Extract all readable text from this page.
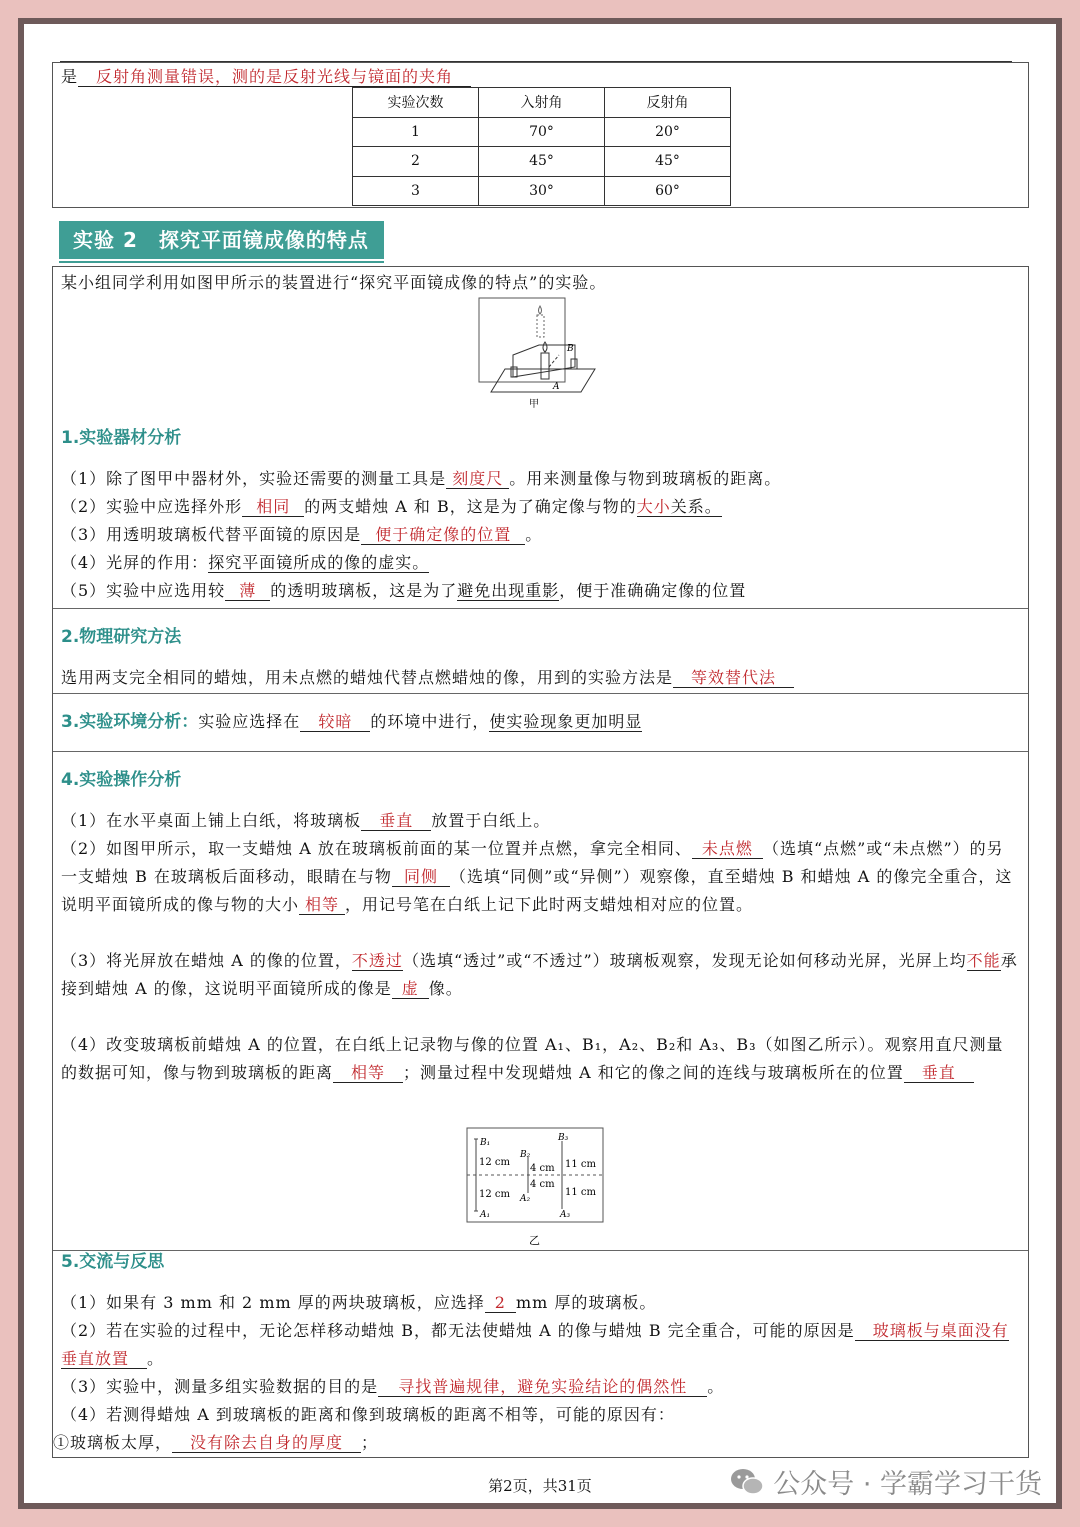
是 反射角测量错误，测的是反射光线与镜面的夹角
实验次数	入射角	反射角
1	70°	20°
2	45°	45°
3	30°	60°
实验 2　探究平面镜成像的特点
某小组同学利用如图甲所示的装置进行“探究平面镜成像的特点”的实验。
A
B
甲
1.实验器材分析
（1）除了图甲中器材外，实验还需要的测量工具是 刻度尺 。用来测量像与物到玻璃板的距离。
（2）实验中应选择外形 相同 的两支蜡烛 A 和 B，这是为了确定像与物的大小关系。
（3）用透明玻璃板代替平面镜的原因是 便于确定像的位置 。
（4）光屏的作用：探究平面镜所成的像的虚实。
（5）实验中应选用较 薄 的透明玻璃板，这是为了避免出现重影，便于准确确定像的位置
2.物理研究方法
选用两支完全相同的蜡烛，用未点燃的蜡烛代替点燃蜡烛的像，用到的实验方法是 等效替代法
3.实验环境分析：实验应选择在 较暗 的环境中进行，使实验现象更加明显
4.实验操作分析
（1）在水平桌面上铺上白纸，将玻璃板 垂直 放置于白纸上。
（2）如图甲所示，取一支蜡烛 A 放在玻璃板前面的某一位置并点燃，拿完全相同、 未点燃 （选填“点燃”或“未点燃”）的另一支蜡烛 B 在玻璃板后面移动，眼睛在与物 同侧 （选填“同侧”或“异侧”）观察像，直至蜡烛 B 和蜡烛 A 的像完全重合，这说明平面镜所成的像与物的大小 相等 ，用记号笔在白纸上记下此时两支蜡烛相对应的位置。
（3）将光屏放在蜡烛 A 的像的位置，不透过（选填“透过”或“不透过”）玻璃板观察，发现无论如何移动光屏，光屏上均不能承接到蜡烛 A 的像，这说明平面镜所成的像是 虚 像。
（4）改变玻璃板前蜡烛 A 的位置，在白纸上记录物与像的位置 A₁、B₁，A₂、B₂和 A₃、B₃（如图乙所示）。观察用直尺测量的数据可知，像与物到玻璃板的距离 相等 ；测量过程中发现蜡烛 A 和它的像之间的连线与玻璃板所在的位置 垂直
B₁
B₂
B₃
A₁
A₂
A₃
12 cm
12 cm
4 cm
4 cm
11 cm
11 cm
乙
5.交流与反思
（1）如果有 3 mm 和 2 mm 厚的两块玻璃板，应选择 2 mm 厚的玻璃板。
（2）若在实验的过程中，无论怎样移动蜡烛 B，都无法使蜡烛 A 的像与蜡烛 B 完全重合，可能的原因是 玻璃板与桌面没有垂直放置 。
（3）实验中，测量多组实验数据的目的是 寻找普遍规律，避免实验结论的偶然性 。
（4）若测得蜡烛 A 到玻璃板的距离和像到玻璃板的距离不相等，可能的原因有：
①玻璃板太厚， 没有除去自身的厚度 ；
第2页，共31页	公众号 · 学霸学习干货
